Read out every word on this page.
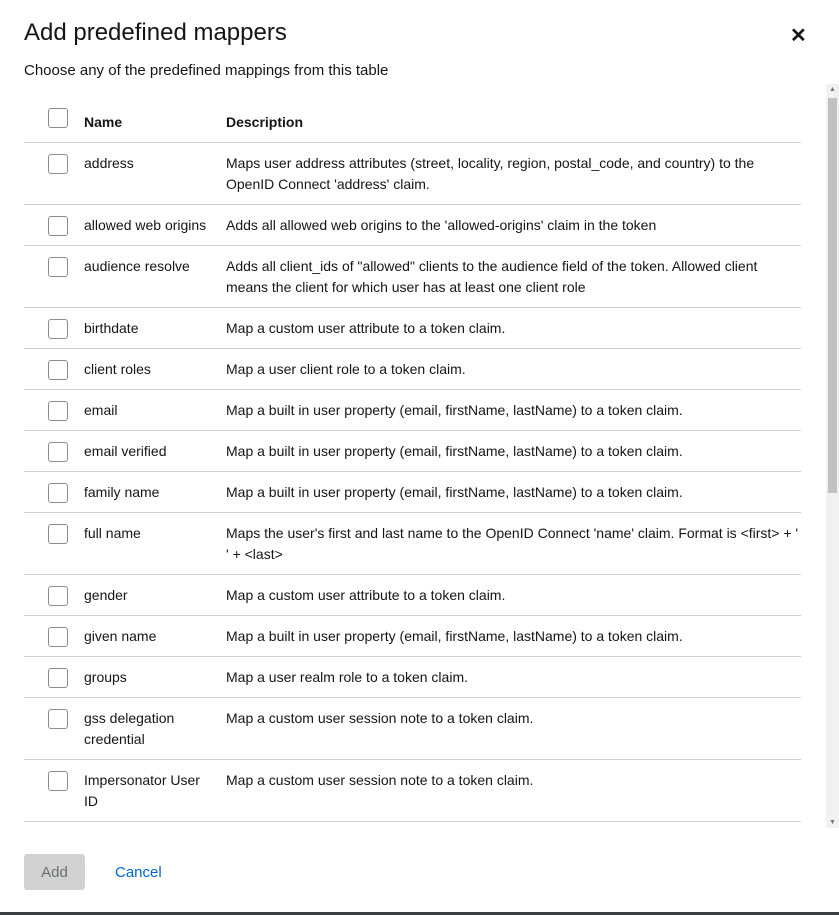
Add predefined mappers	✕
Choose any of the predefined mappings from this table
	Name	Description
	address	Maps user address attributes (street, locality, region, postal_code, and country) to the OpenID Connect 'address' claim.
	allowed web origins	Adds all allowed web origins to the 'allowed-origins' claim in the token
	audience resolve	Adds all client_ids of "allowed" clients to the audience field of the token. Allowed client means the client for which user has at least one client role
	birthdate	Map a custom user attribute to a token claim.
	client roles	Map a user client role to a token claim.
	email	Map a built in user property (email, firstName, lastName) to a token claim.
	email verified	Map a built in user property (email, firstName, lastName) to a token claim.
	family name	Map a built in user property (email, firstName, lastName) to a token claim.
	full name	Maps the user's first and last name to the OpenID Connect 'name' claim. Format is <first> + ' ' + <last>
	gender	Map a custom user attribute to a token claim.
	given name	Map a built in user property (email, firstName, lastName) to a token claim.
	groups	Map a user realm role to a token claim.
	gss delegation credential	Map a custom user session note to a token claim.
	Impersonator User ID	Map a custom user session note to a token claim.
▲
▼
Add	Cancel
